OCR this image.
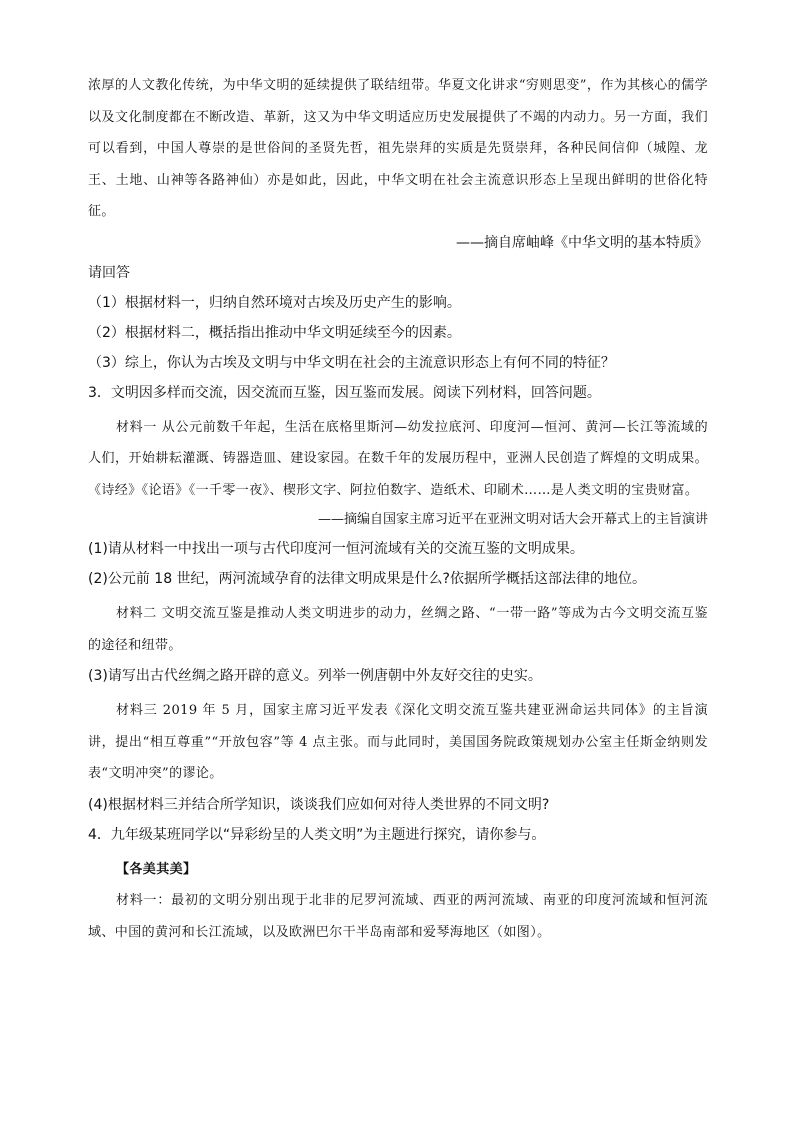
浓厚的人文教化传统，为中华文明的延续提供了联结纽带。华夏文化讲求“穷则思变”，作为其核心的儒学以及文化制度都在不断改造、革新，这又为中华文明适应历史发展提供了不竭的内动力。另一方面，我们可以看到，中国人尊崇的是世俗间的圣贤先哲，祖先崇拜的实质是先贤崇拜，各种民间信仰（城隍、龙王、土地、山神等各路神仙）亦是如此，因此，中华文明在社会主流意识形态上呈现出鲜明的世俗化特征。

——摘自席岫峰《中华文明的基本特质》

请回答

（1）根据材料一，归纳自然环境对古埃及历史产生的影响。

（2）根据材料二，概括指出推动中华文明延续至今的因素。

（3）综上，你认为古埃及文明与中华文明在社会的主流意识形态上有何不同的特征？

3．文明因多样而交流，因交流而互鉴，因互鉴而发展。阅读下列材料，回答问题。

材料一 从公元前数千年起，生活在底格里斯河—幼发拉底河、印度河—恒河、黄河—长江等流域的人们，开始耕耘灌溉、铸器造皿、建设家园。在数千年的发展历程中，亚洲人民创造了辉煌的文明成果。《诗经》《论语》《一千零一夜》、楔形文字、阿拉伯数字、造纸术、印刷术……是人类文明的宝贵财富。

——摘编自国家主席习近平在亚洲文明对话大会开幕式上的主旨演讲

(1)请从材料一中找出一项与古代印度河一恒河流域有关的交流互鉴的文明成果。

(2)公元前 18 世纪，两河流域孕育的法律文明成果是什么?依据所学概括这部法律的地位。

材料二 文明交流互鉴是推动人类文明进步的动力，丝绸之路、“一带一路”等成为古今文明交流互鉴的途径和纽带。

(3)请写出古代丝绸之路开辟的意义。列举一例唐朝中外友好交往的史实。

材料三 2019 年 5 月，国家主席习近平发表《深化文明交流互鉴共建亚洲命运共同体》的主旨演讲，提出“相互尊重”“开放包容”等 4 点主张。而与此同时，美国国务院政策规划办公室主任斯金纳则发表“文明冲突”的谬论。

(4)根据材料三并结合所学知识，谈谈我们应如何对待人类世界的不同文明?

4．九年级某班同学以“异彩纷呈的人类文明”为主题进行探究，请你参与。

【各美其美】

材料一：最初的文明分别出现于北非的尼罗河流域、西亚的两河流域、南亚的印度河流域和恒河流域、中国的黄河和长江流域，以及欧洲巴尔干半岛南部和爱琴海地区（如图）。
